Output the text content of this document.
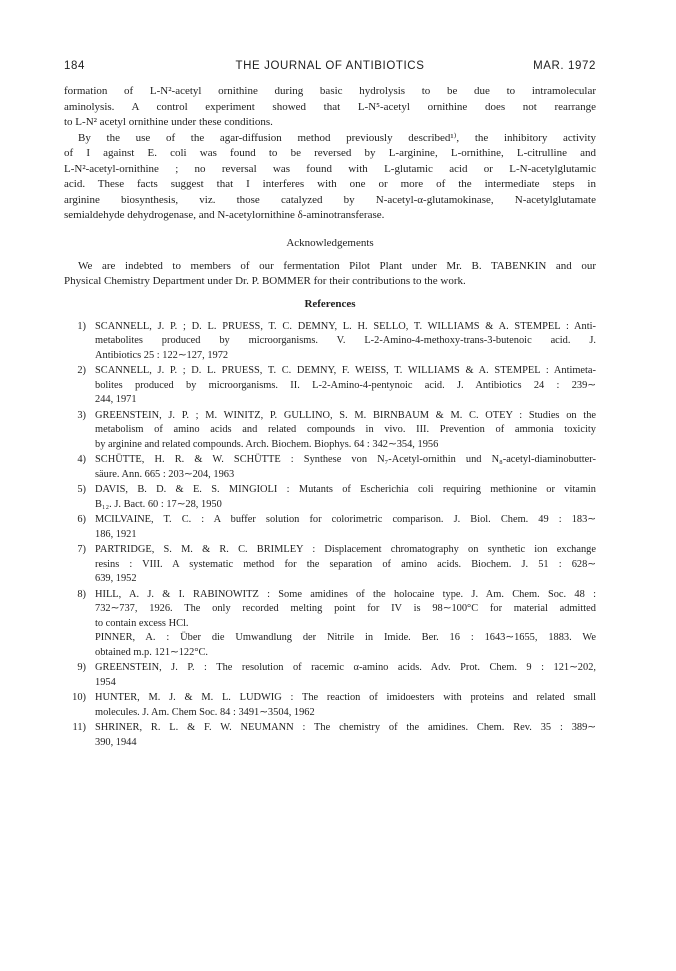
184	THE JOURNAL OF ANTIBIOTICS	MAR. 1972

formation of L-N²-acetyl ornithine during basic hydrolysis to be due to intramolecular

aminolysis. A control experiment showed that L-N⁵-acetyl ornithine does not rearrange

to L-N² acetyl ornithine under these conditions.

By the use of the agar-diffusion method previously described¹⁾, the inhibitory activity

of I against E. coli was found to be reversed by L-arginine, L-ornithine, L-citrulline and

L-N²-acetyl-ornithine ; no reversal was found with L-glutamic acid or L-N-acetylglutamic

acid. These facts suggest that I interferes with one or more of the intermediate steps in

arginine biosynthesis, viz. those catalyzed by N-acetyl-α-glutamokinase, N-acetylglutamate

semialdehyde dehydrogenase, and N-acetylornithine δ-aminotransferase.

Acknowledgements

We are indebted to members of our fermentation Pilot Plant under Mr. B. TABENKIN and our

Physical Chemistry Department under Dr. P. BOMMER for their contributions to the work.

References

1) SCANNELL, J. P. ; D. L. PRUESS, T. C. DEMNY, L. H. SELLO, T. WILLIAMS & A. STEMPEL : Anti-
metabolites produced by microorganisms. V. L-2-Amino-4-methoxy-trans-3-butenoic acid. J.
Antibiotics 25 : 122∼127, 1972
2) SCANNELL, J. P. ; D. L. PRUESS, T. C. DEMNY, F. WEISS, T. WILLIAMS & A. STEMPEL : Antimeta-
bolites produced by microorganisms. II. L-2-Amino-4-pentynoic acid. J. Antibiotics 24 : 239∼
244, 1971
3) GREENSTEIN, J. P. ; M. WINITZ, P. GULLINO, S. M. BIRNBAUM & M. C. OTEY : Studies on the
metabolism of amino acids and related compounds in vivo. III. Prevention of ammonia toxicity
by arginine and related compounds. Arch. Biochem. Biophys. 64 : 342∼354, 1956
4) SCHÜTTE, H. R. & W. SCHÜTTE : Synthese von N₇-Acetyl-ornithin und N₈-acetyl-diaminobutter-
säure. Ann. 665 : 203∼204, 1963
5) DAVIS, B. D. & E. S. MINGIOLI : Mutants of Escherichia coli requiring methionine or vitamin
B₁₂. J. Bact. 60 : 17∼28, 1950
6) MCILVAINE, T. C. : A buffer solution for colorimetric comparison. J. Biol. Chem. 49 : 183∼
186, 1921
7) PARTRIDGE, S. M. & R. C. BRIMLEY : Displacement chromatography on synthetic ion exchange
resins : VIII. A systematic method for the separation of amino acids. Biochem. J. 51 : 628∼
639, 1952
8) HILL, A. J. & I. RABINOWITZ : Some amidines of the holocaine type. J. Am. Chem. Soc. 48 :
732∼737, 1926. The only recorded melting point for IV is 98∼100°C for material admitted
to contain excess HCl.
PINNER, A. : Über die Umwandlung der Nitrile in Imide. Ber. 16 : 1643∼1655, 1883. We
obtained m.p. 121∼122°C.
9) GREENSTEIN, J. P. : The resolution of racemic α-amino acids. Adv. Prot. Chem. 9 : 121∼202,
1954
10) HUNTER, M. J. & M. L. LUDWIG : The reaction of imidoesters with proteins and related small
molecules. J. Am. Chem Soc. 84 : 3491∼3504, 1962
11) SHRINER, R. L. & F. W. NEUMANN : The chemistry of the amidines. Chem. Rev. 35 : 389∼
390, 1944
